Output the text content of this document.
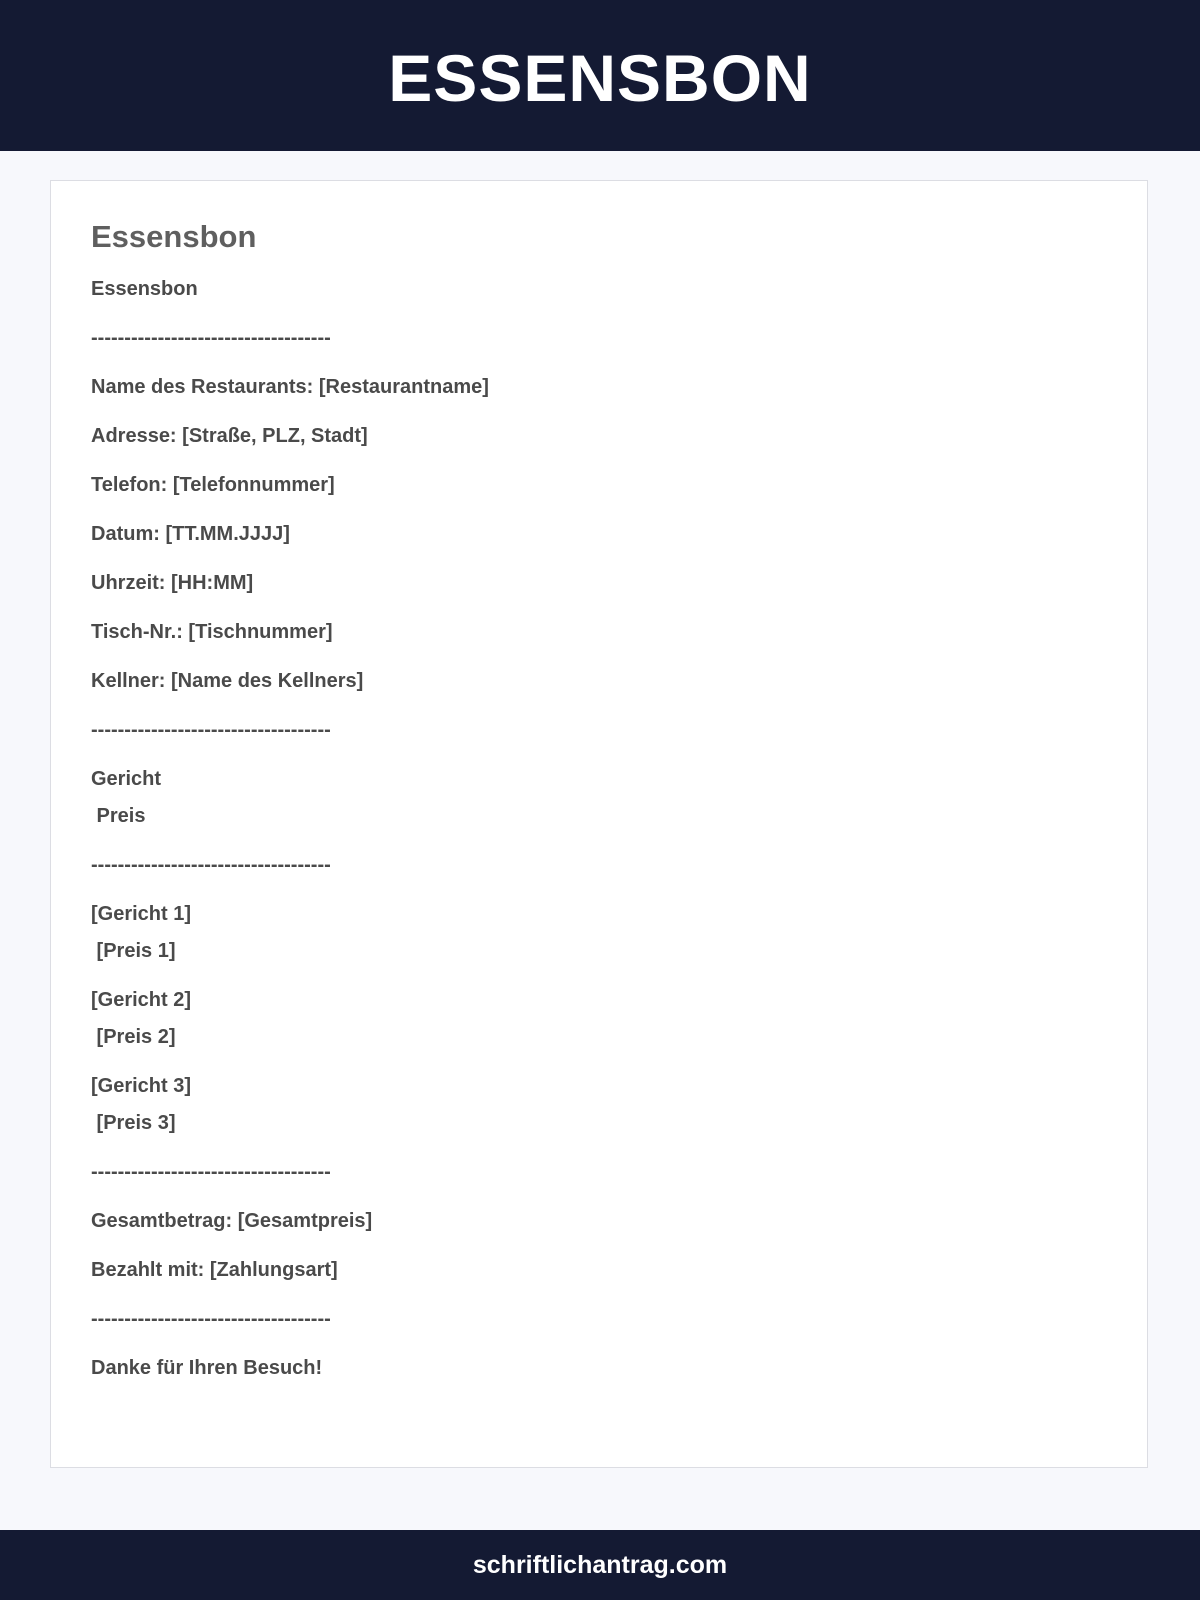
ESSENSBON
Essensbon
Essensbon
------------------------------------
Name des Restaurants: [Restaurantname]
Adresse: [Straße, PLZ, Stadt]
Telefon: [Telefonnummer]
Datum: [TT.MM.JJJJ]
Uhrzeit: [HH:MM]
Tisch-Nr.: [Tischnummer]
Kellner: [Name des Kellners]
------------------------------------
Gericht
Preis
------------------------------------
[Gericht 1]
[Preis 1]
[Gericht 2]
[Preis 2]
[Gericht 3]
[Preis 3]
------------------------------------
Gesamtbetrag: [Gesamtpreis]
Bezahlt mit: [Zahlungsart]
------------------------------------
Danke für Ihren Besuch!
schriftlichantrag.com
